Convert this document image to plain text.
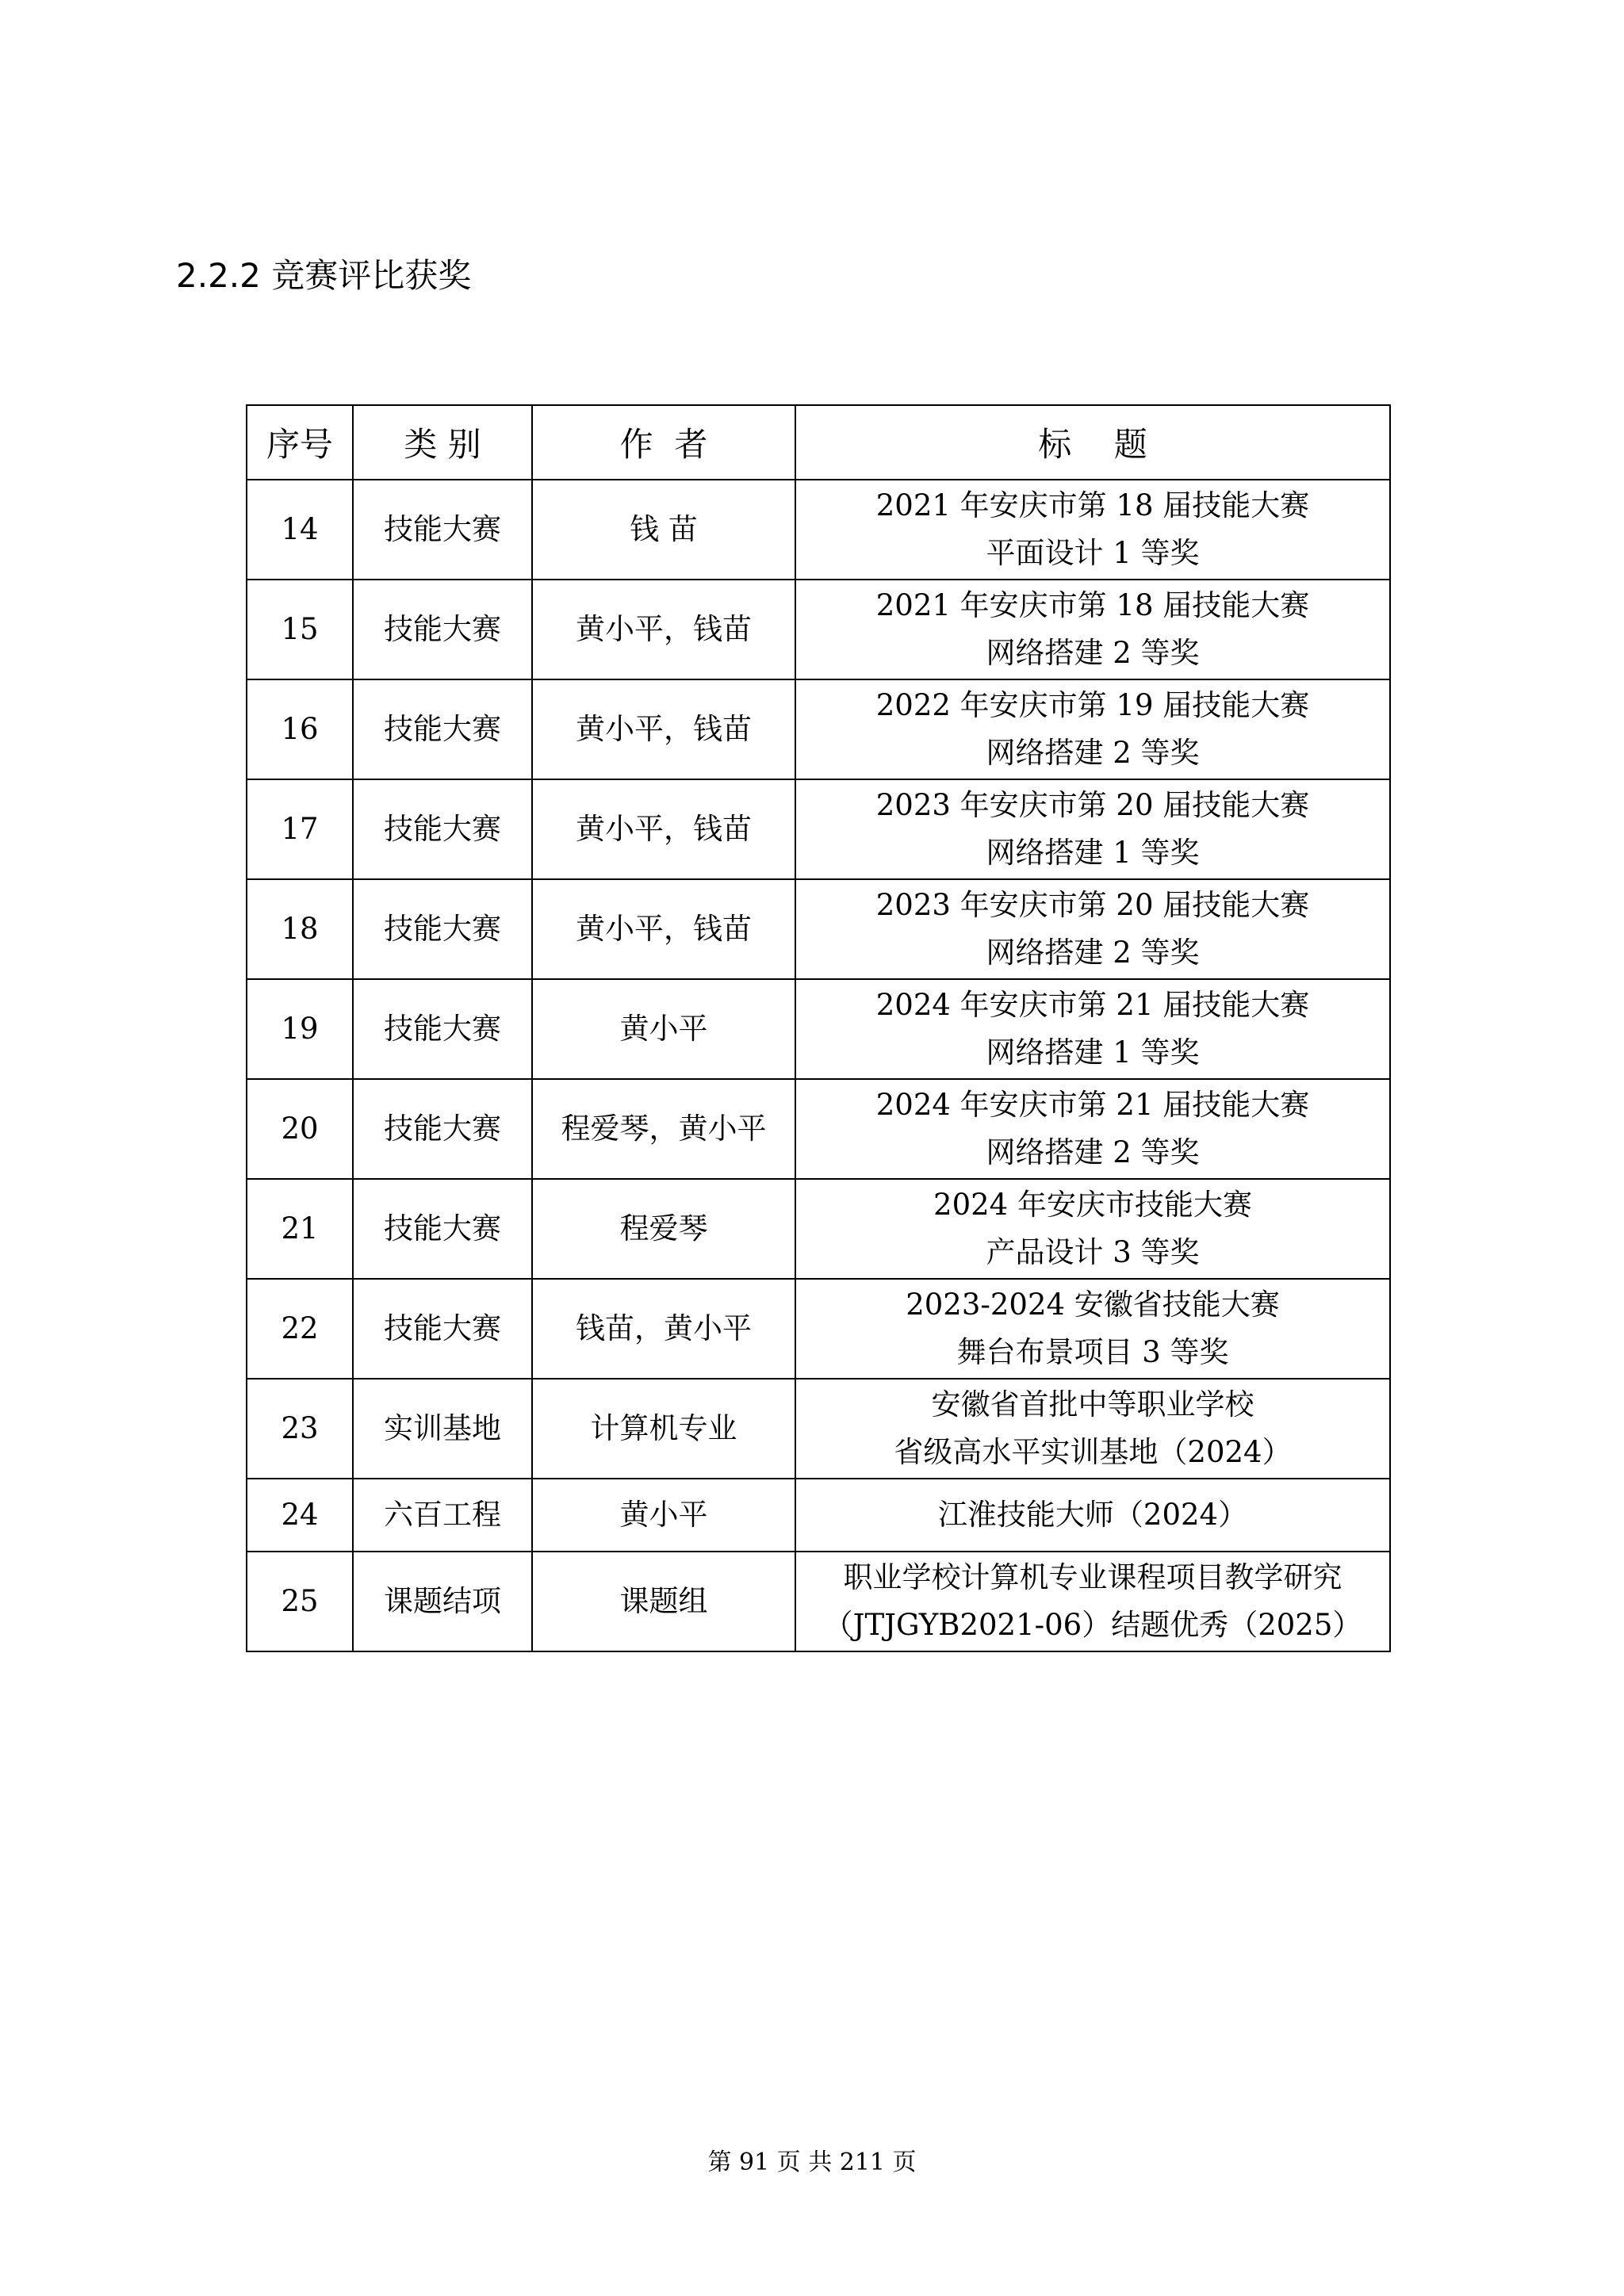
2.2.2 竞赛评比获奖
序号	类 别	作  者	标    题
14	技能大赛	钱 苗	2021 年安庆市第 18 届技能大赛
平面设计 1 等奖

15	技能大赛	黄小平，钱苗	2021 年安庆市第 18 届技能大赛
网络搭建 2 等奖

16	技能大赛	黄小平，钱苗	2022 年安庆市第 19 届技能大赛
网络搭建 2 等奖

17	技能大赛	黄小平，钱苗	2023 年安庆市第 20 届技能大赛
网络搭建 1 等奖

18	技能大赛	黄小平，钱苗	2023 年安庆市第 20 届技能大赛
网络搭建 2 等奖

19	技能大赛	黄小平	2024 年安庆市第 21 届技能大赛
网络搭建 1 等奖

20	技能大赛	程爱琴，黄小平	2024 年安庆市第 21 届技能大赛
网络搭建 2 等奖

21	技能大赛	程爱琴	2024 年安庆市技能大赛
产品设计 3 等奖

22	技能大赛	钱苗，黄小平	2023-2024 安徽省技能大赛
舞台布景项目 3 等奖

23	实训基地	计算机专业	安徽省首批中等职业学校
省级高水平实训基地（2024）

24	六百工程	黄小平	江淮技能大师（2024）

25	课题结项	课题组	职业学校计算机专业课程项目教学研究
（JTJGYB2021-06）结题优秀（2025）
第 91 页 共 211 页
